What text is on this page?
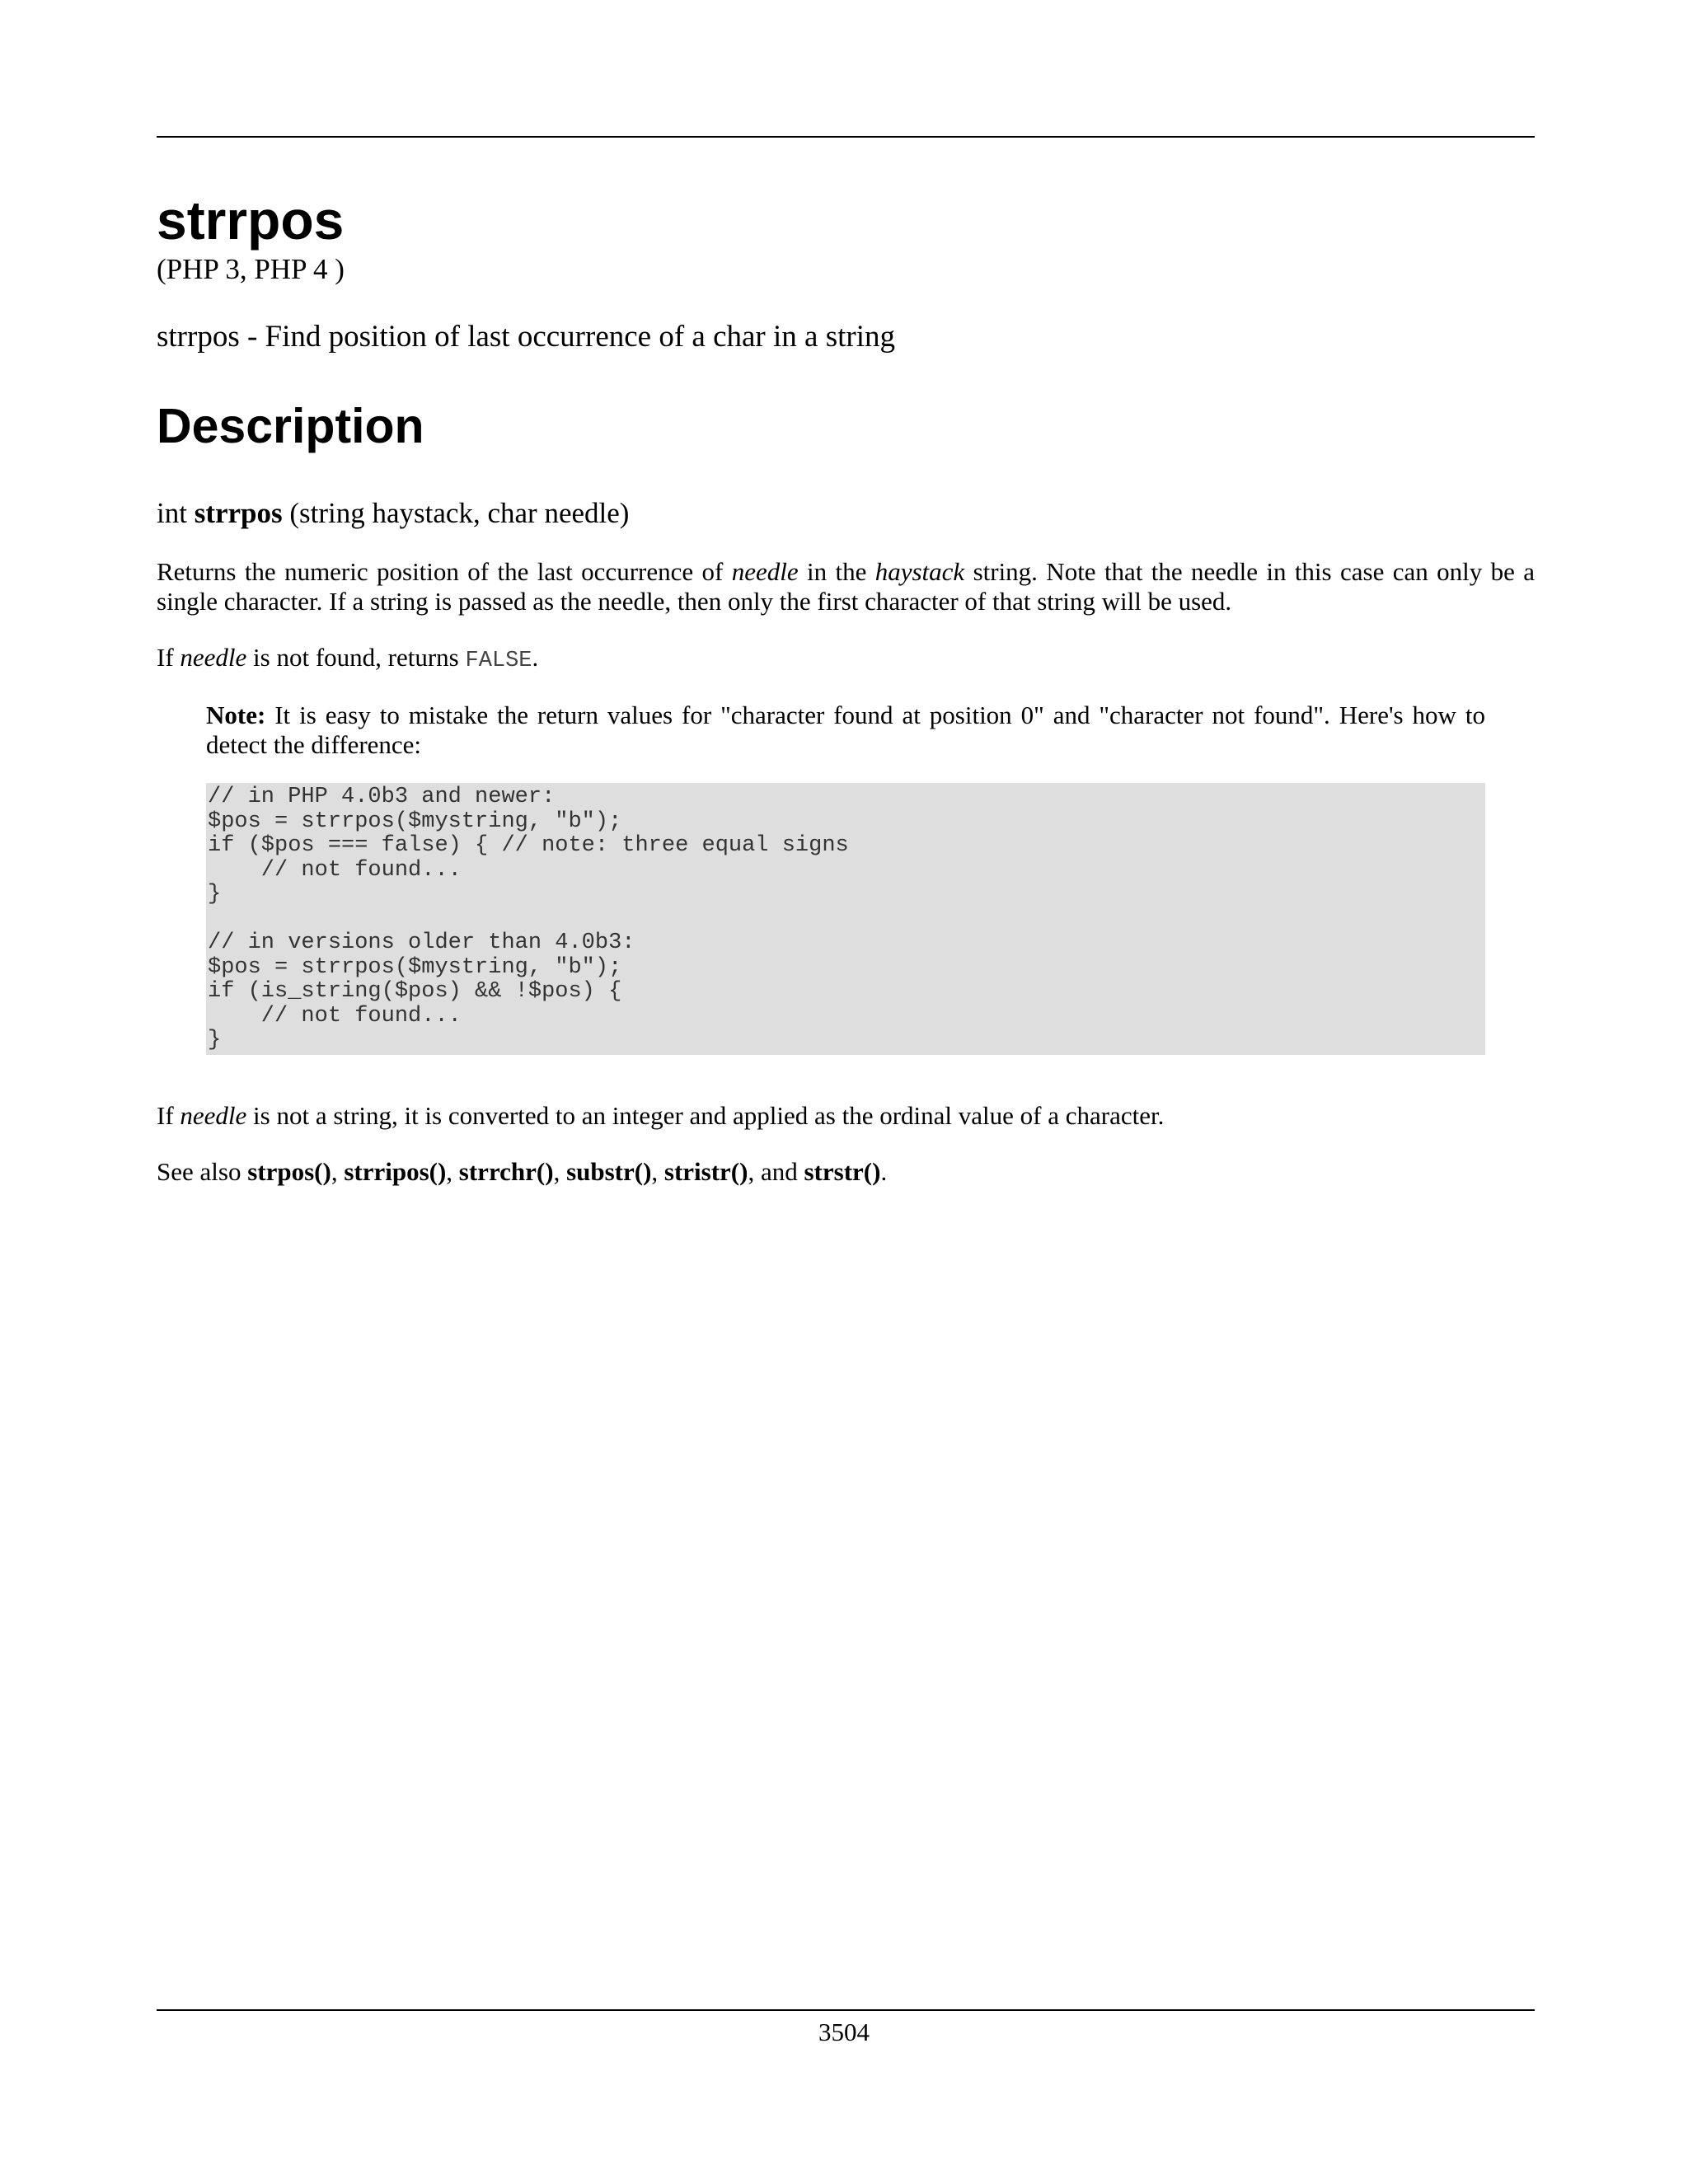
strrpos

(PHP 3, PHP 4 )

strrpos - Find position of last occurrence of a char in a string

Description

int strrpos (string haystack, char needle)

Returns the numeric position of the last occurrence of needle in the haystack string. Note that the needle in this case can only be a single character. If a string is passed as the needle, then only the first character of that string will be used.

If needle is not found, returns FALSE.

Note: It is easy to mistake the return values for "character found at position 0" and "character not found". Here's how to detect the difference:

// in PHP 4.0b3 and newer:
$pos = strrpos($mystring, "b");
if ($pos === false) { // note: three equal signs
// not found...
}

// in versions older than 4.0b3:
$pos = strrpos($mystring, "b");
if (is_string($pos) && !$pos) {
// not found...
}

If needle is not a string, it is converted to an integer and applied as the ordinal value of a character.

See also strpos(), strripos(), strrchr(), substr(), stristr(), and strstr().

3504
